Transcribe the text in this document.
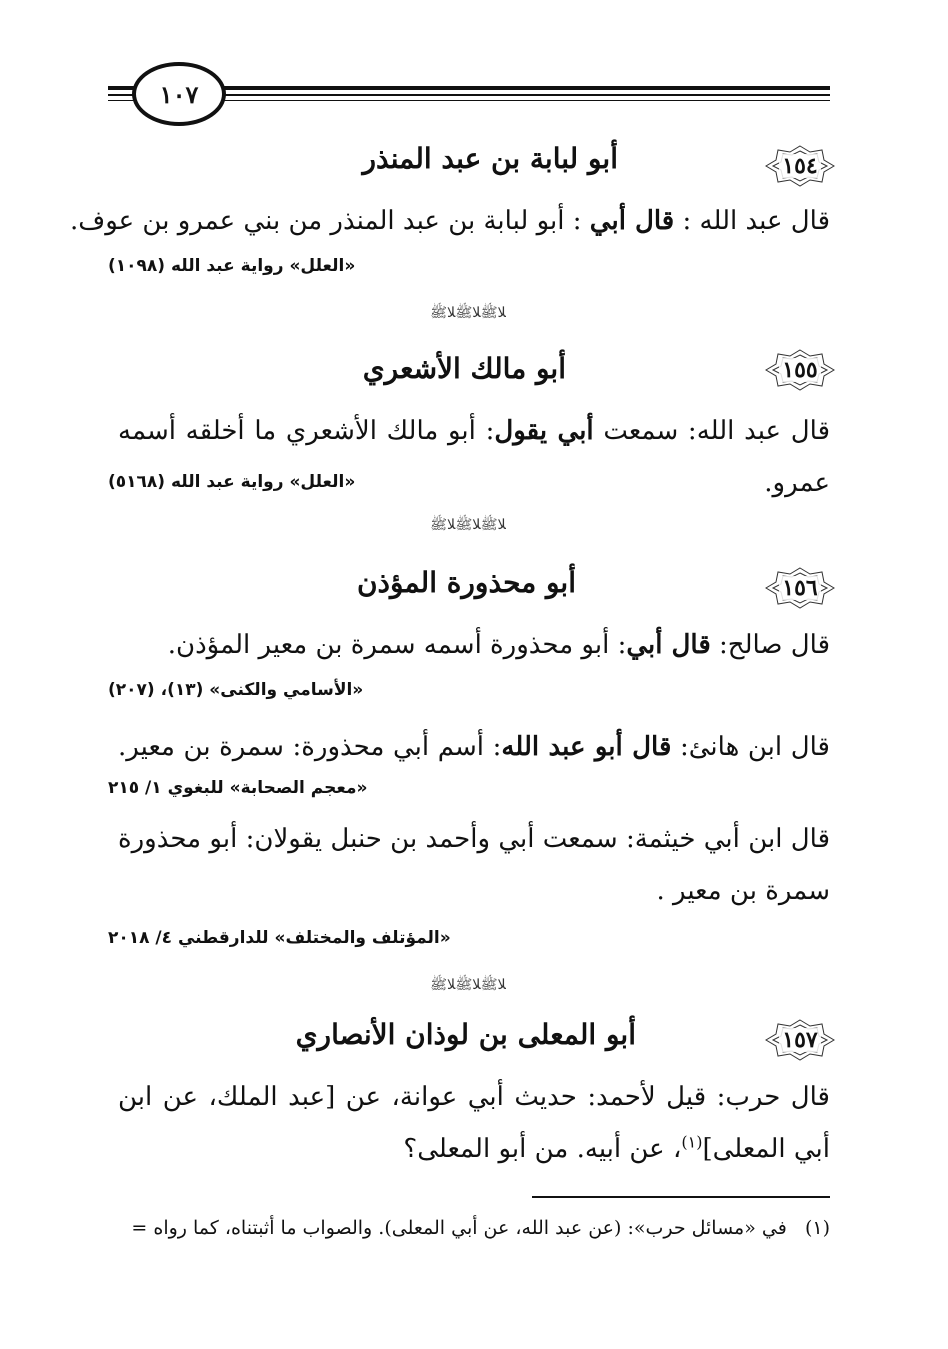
١٠٧
١٥٤
أبو لبابة بن عبد المنذر
قال عبد الله : قال أبي : أبو لبابة بن عبد المنذر من بني عمرو بن عوف.
«العلل» رواية عبد الله (١٠٩٨)
ﻼﷺﻼﷺﻼﷺ
١٥٥
أبو مالك الأشعري
قال عبد الله: سمعت أبي يقول: أبو مالك الأشعري ما أخلقه أسمه
عمرو.
«العلل» رواية عبد الله (٥١٦٨)
ﻼﷺﻼﷺﻼﷺ
١٥٦
أبو محذورة المؤذن
قال صالح: قال أبي: أبو محذورة أسمه سمرة بن معير المؤذن.
«الأسامي والكنى» (١٣)، (٢٠٧)
قال ابن هانئ: قال أبو عبد الله: أسم أبي محذورة: سمرة بن معير.
«معجم الصحابة» للبغوي ١/ ٢١٥
قال ابن أبي خيثمة: سمعت أبي وأحمد بن حنبل يقولان: أبو محذورة
سمرة بن معير .
«المؤتلف والمختلف» للدارقطني ٤/ ٢٠١٨
ﻼﷺﻼﷺﻼﷺ
١٥٧
أبو المعلى بن لوذان الأنصاري
قال حرب: قيل لأحمد: حديث أبي عوانة، عن [عبد الملك، عن ابن
أبي المعلى]$^{(١)}$، عن أبيه. من أبو المعلى؟
(١)   في «مسائل حرب»: (عن عبد الله، عن أبي المعلى). والصواب ما أثبتناه، كما رواه =
